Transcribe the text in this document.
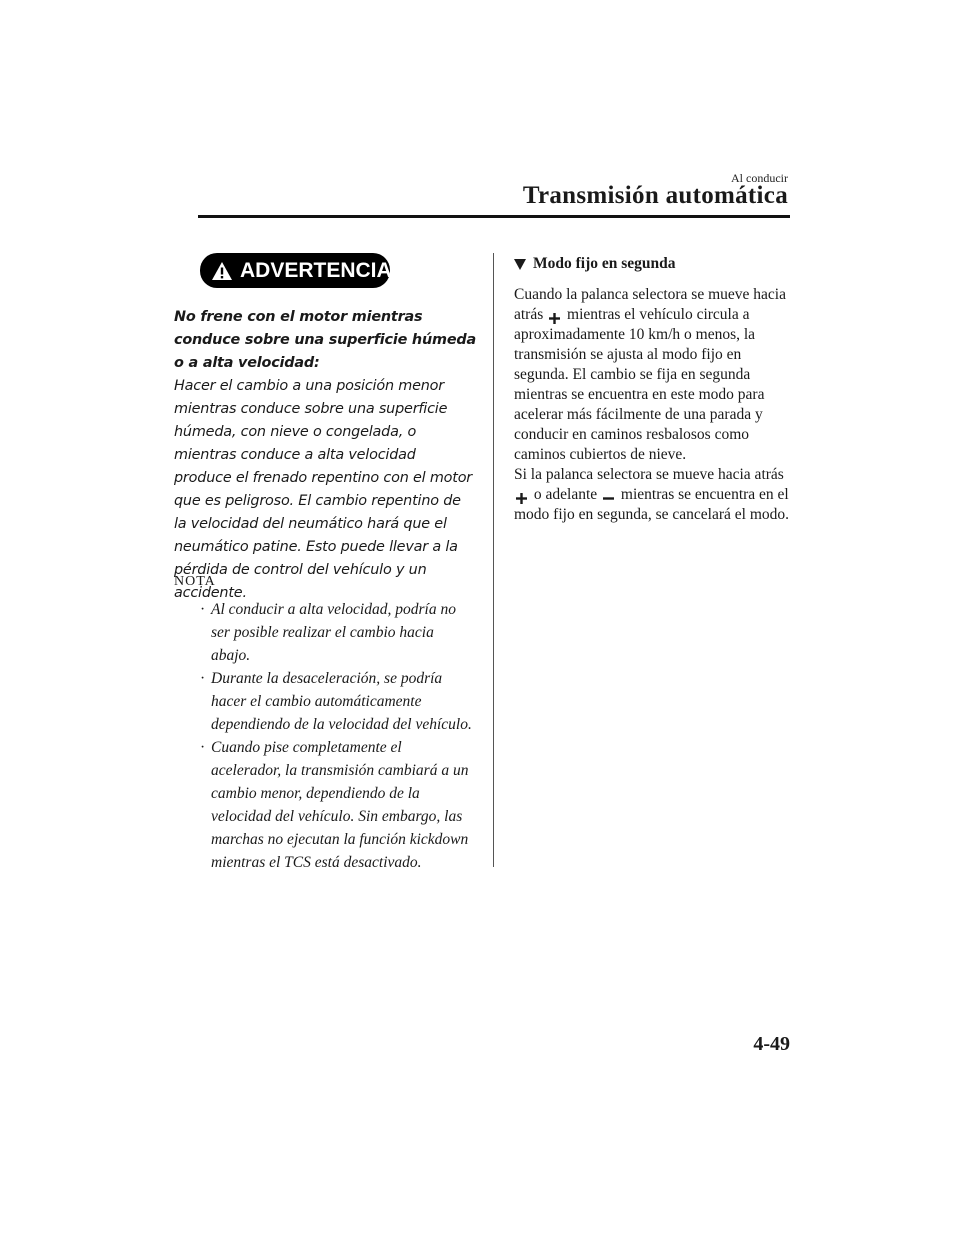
Al conducir
Transmisión automática
ADVERTENCIA
No frene con el motor mientras conduce sobre una superficie húmeda o a alta velocidad:
Hacer el cambio a una posición menor mientras conduce sobre una superficie húmeda, con nieve o congelada, o mientras conduce a alta velocidad produce el frenado repentino con el motor que es peligroso. El cambio repentino de la velocidad del neumático hará que el neumático patine. Esto puede llevar a la pérdida de control del vehículo y un accidente.
NOTA
· Al conducir a alta velocidad, podría no ser posible realizar el cambio hacia abajo.
· Durante la desaceleración, se podría hacer el cambio automáticamente dependiendo de la velocidad del vehículo.
· Cuando pise completamente el acelerador, la transmisión cambiará a un cambio menor, dependiendo de la velocidad del vehículo. Sin embargo, las marchas no ejecutan la función kickdown mientras el TCS está desactivado.
Modo fijo en segunda

Cuando la palanca selectora se mueve hacia atrás  mientras el vehículo circula a aproximadamente 10 km/h o menos, la transmisión se ajusta al modo fijo en segunda. El cambio se fija en segunda mientras se encuentra en este modo para acelerar más fácilmente de una parada y conducir en caminos resbalosos como caminos cubiertos de nieve.

Si la palanca selectora se mueve hacia atrás  o adelante  mientras se encuentra en el modo fijo en segunda, se cancelará el modo.

4-49
